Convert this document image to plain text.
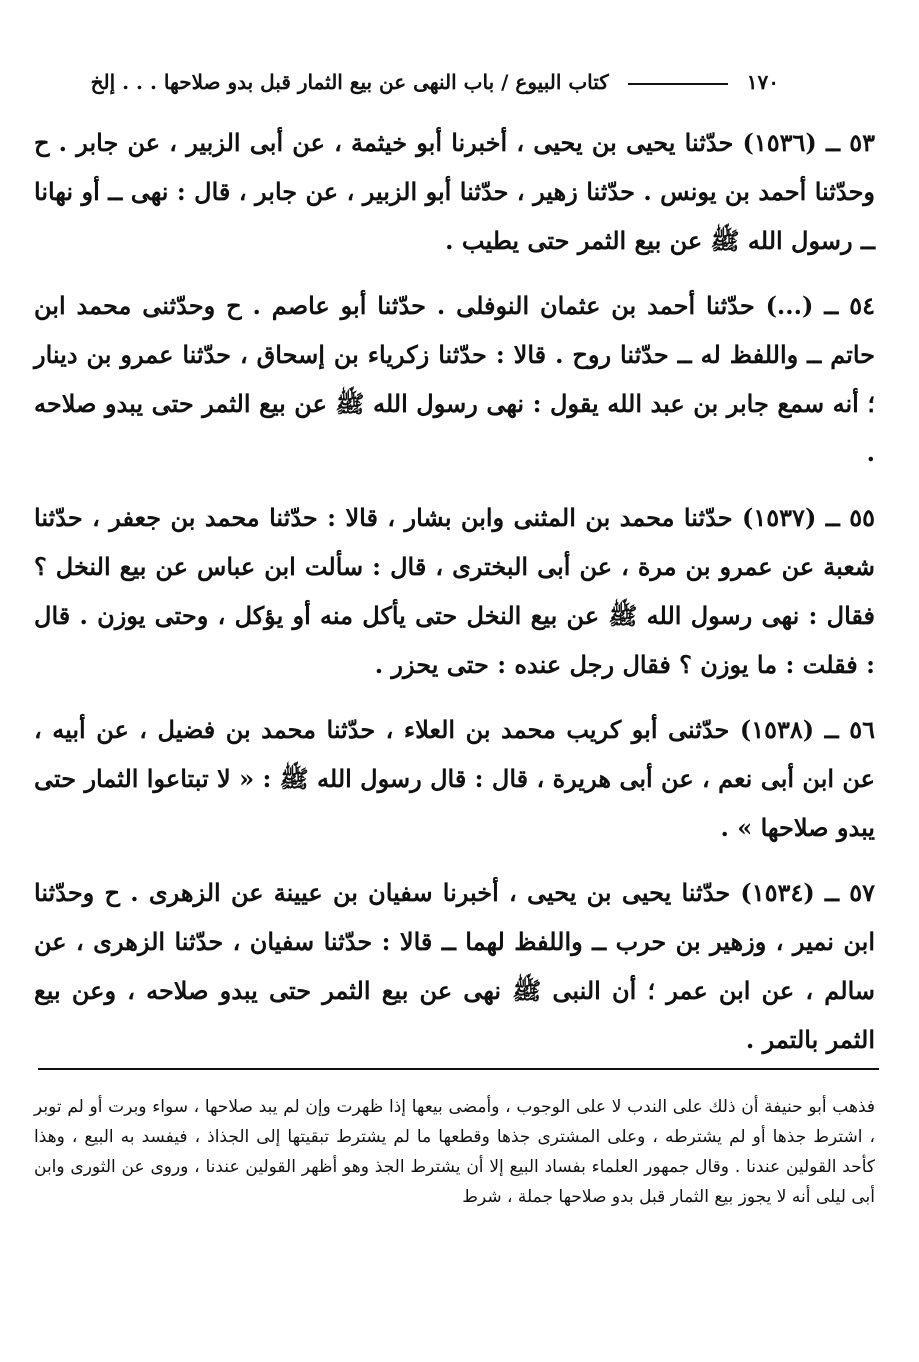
١٧٠  كتاب البيوع / باب النهى عن بيع الثمار قبل بدو صلاحها . . . إلخ

٥٣ ــ (١٥٣٦) حدّثنا يحيى بن يحيى ، أخبرنا أبو خيثمة ، عن أبى الزبير ، عن جابر . ح وحدّثنا أحمد بن يونس . حدّثنا زهير ، حدّثنا أبو الزبير ، عن جابر ، قال : نهى ــ أو نهانا ــ رسول الله ﷺ عن بيع الثمر حتى يطيب .

٥٤ ــ (...) حدّثنا أحمد بن عثمان النوفلى . حدّثنا أبو عاصم . ح وحدّثنى محمد ابن حاتم ــ واللفظ له ــ حدّثنا روح . قالا : حدّثنا زكرياء بن إسحاق ، حدّثنا عمرو بن دينار ؛ أنه سمع جابر بن عبد الله يقول : نهى رسول الله ﷺ عن بيع الثمر حتى يبدو صلاحه .

٥٥ ــ (١٥٣٧) حدّثنا محمد بن المثنى وابن بشار ، قالا : حدّثنا محمد بن جعفر ، حدّثنا شعبة عن عمرو بن مرة ، عن أبى البخترى ، قال : سألت ابن عباس عن بيع النخل ؟ فقال : نهى رسول الله ﷺ عن بيع النخل حتى يأكل منه أو يؤكل ، وحتى يوزن . قال : فقلت : ما يوزن ؟ فقال رجل عنده : حتى يحزر .

٥٦ ــ (١٥٣٨) حدّثنى أبو كريب محمد بن العلاء ، حدّثنا محمد بن فضيل ، عن أبيه ، عن ابن أبى نعم ، عن أبى هريرة ، قال : قال رسول الله ﷺ : « لا تبتاعوا الثمار حتى يبدو صلاحها » .

٥٧ ــ (١٥٣٤) حدّثنا يحيى بن يحيى ، أخبرنا سفيان بن عيينة عن الزهرى . ح وحدّثنا ابن نمير ، وزهير بن حرب ــ واللفظ لهما ــ قالا : حدّثنا سفيان ، حدّثنا الزهرى ، عن سالم ، عن ابن عمر ؛ أن النبى ﷺ نهى عن بيع الثمر حتى يبدو صلاحه ، وعن بيع الثمر بالتمر .

فذهب أبو حنيفة أن ذلك على الندب لا على الوجوب ، وأمضى بيعها إذا ظهرت وإن لم يبد صلاحها ، سواء وبرت أو لم توبر ، اشترط جذها أو لم يشترطه ، وعلى المشترى جذها وقطعها ما لم يشترط تبقيتها إلى الجذاذ ، فيفسد به البيع ، وهذا كأحد القولين عندنا . وقال جمهور العلماء بفساد البيع إلا أن يشترط الجذ وهو أظهر القولين عندنا ، وروى عن الثورى وابن أبى ليلى أنه لا يجوز بيع الثمار قبل بدو صلاحها جملة ، شرط
